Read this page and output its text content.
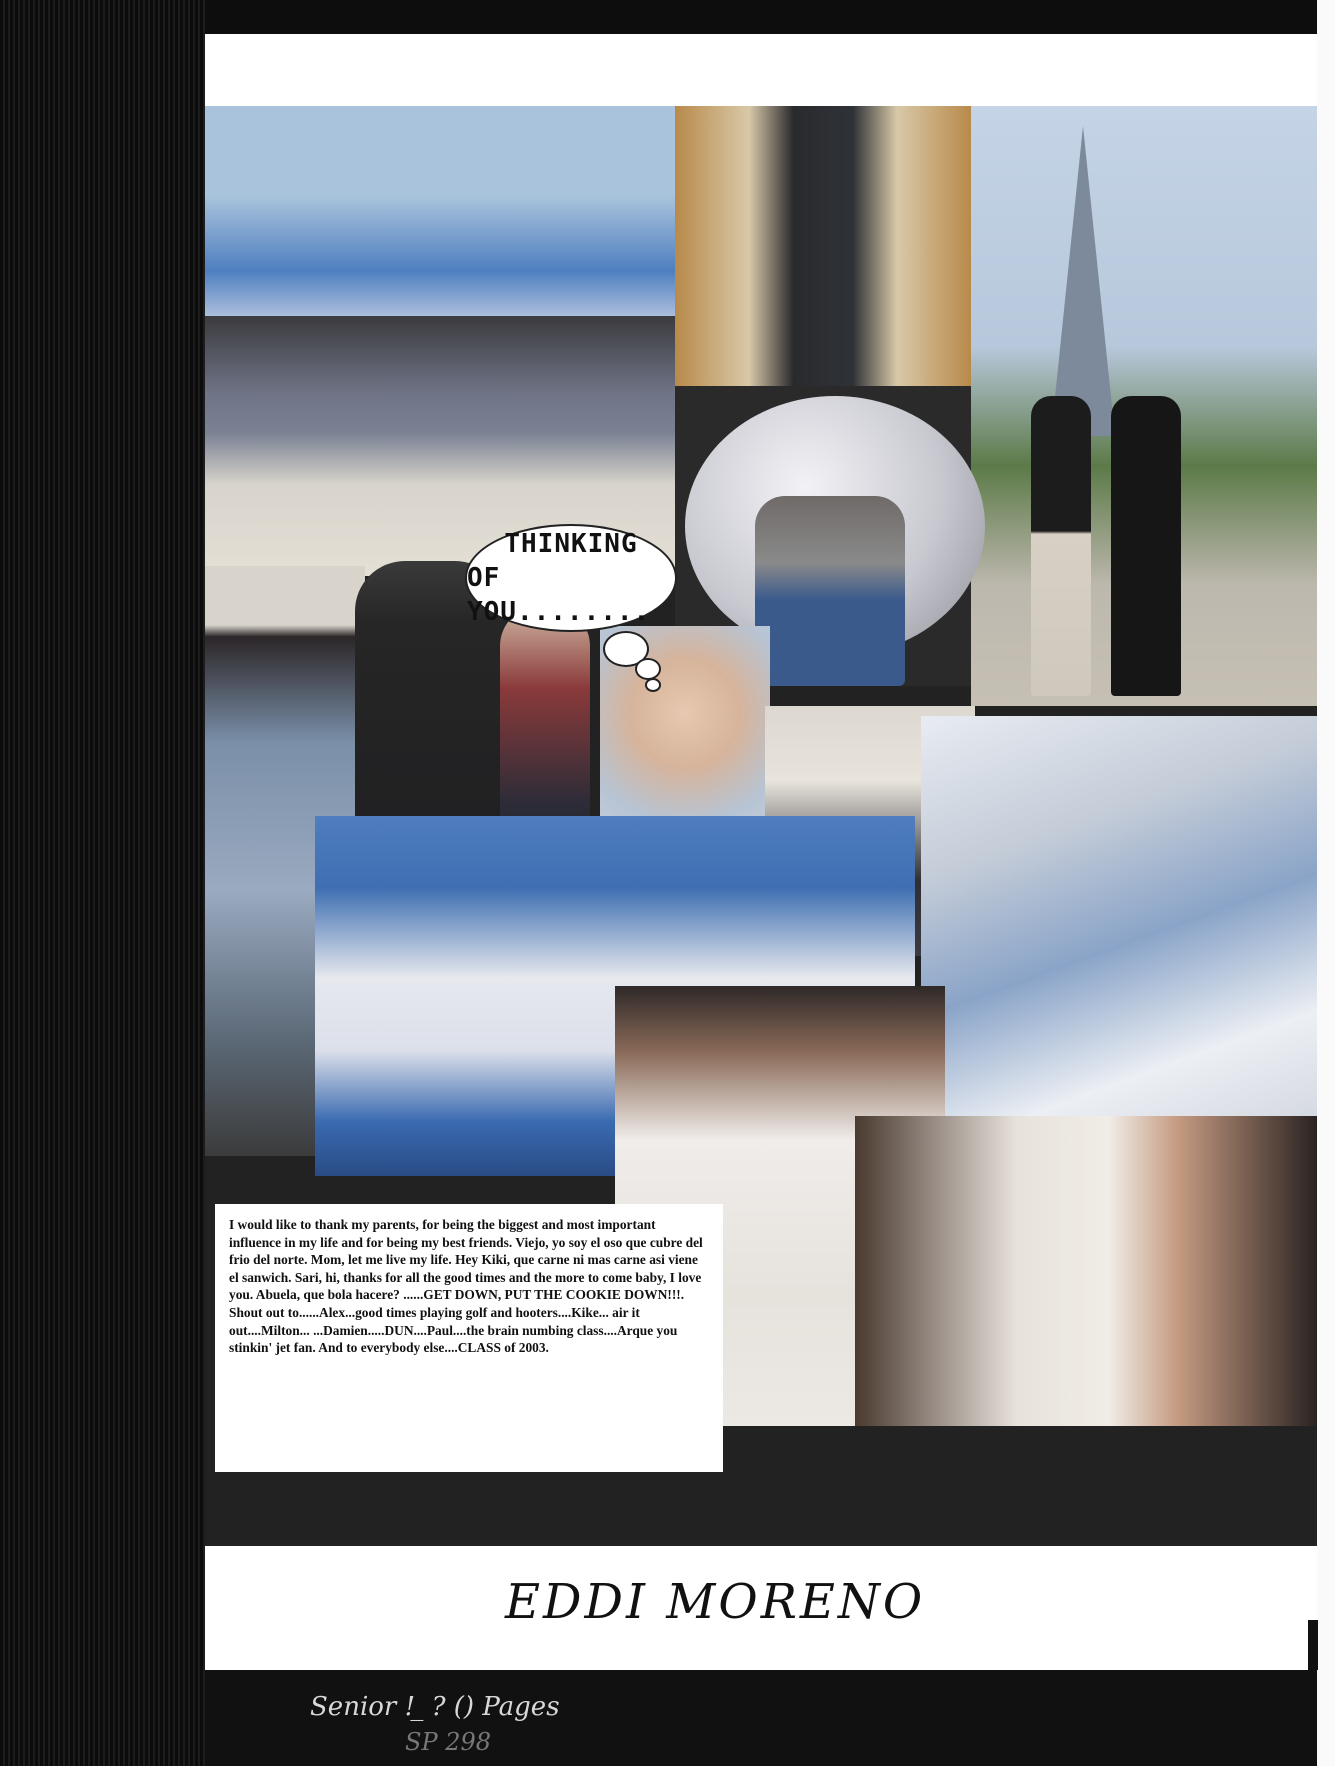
THINKING
OF YOU........

I would like to thank my parents, for being the biggest and most important influence in my life and for being my best friends. Viejo, yo soy el oso que cubre del frio del norte. Mom, let me live my life. Hey Kiki, que carne ni mas carne asi viene el sanwich. Sari, hi, thanks for all the good times and the more to come baby, I love you. Abuela, que bola hacere? ......GET DOWN, PUT THE COOKIE DOWN!!!. Shout out to......Alex...good times playing golf and hooters....Kike... air it out....Milton... ...Damien.....DUN....Paul....the brain numbing class....Arque you stinkin' jet fan. And to everybody else....CLASS of 2003.

EDDI MORENO
Senior ! ̲ ? () Pages
SP 298
